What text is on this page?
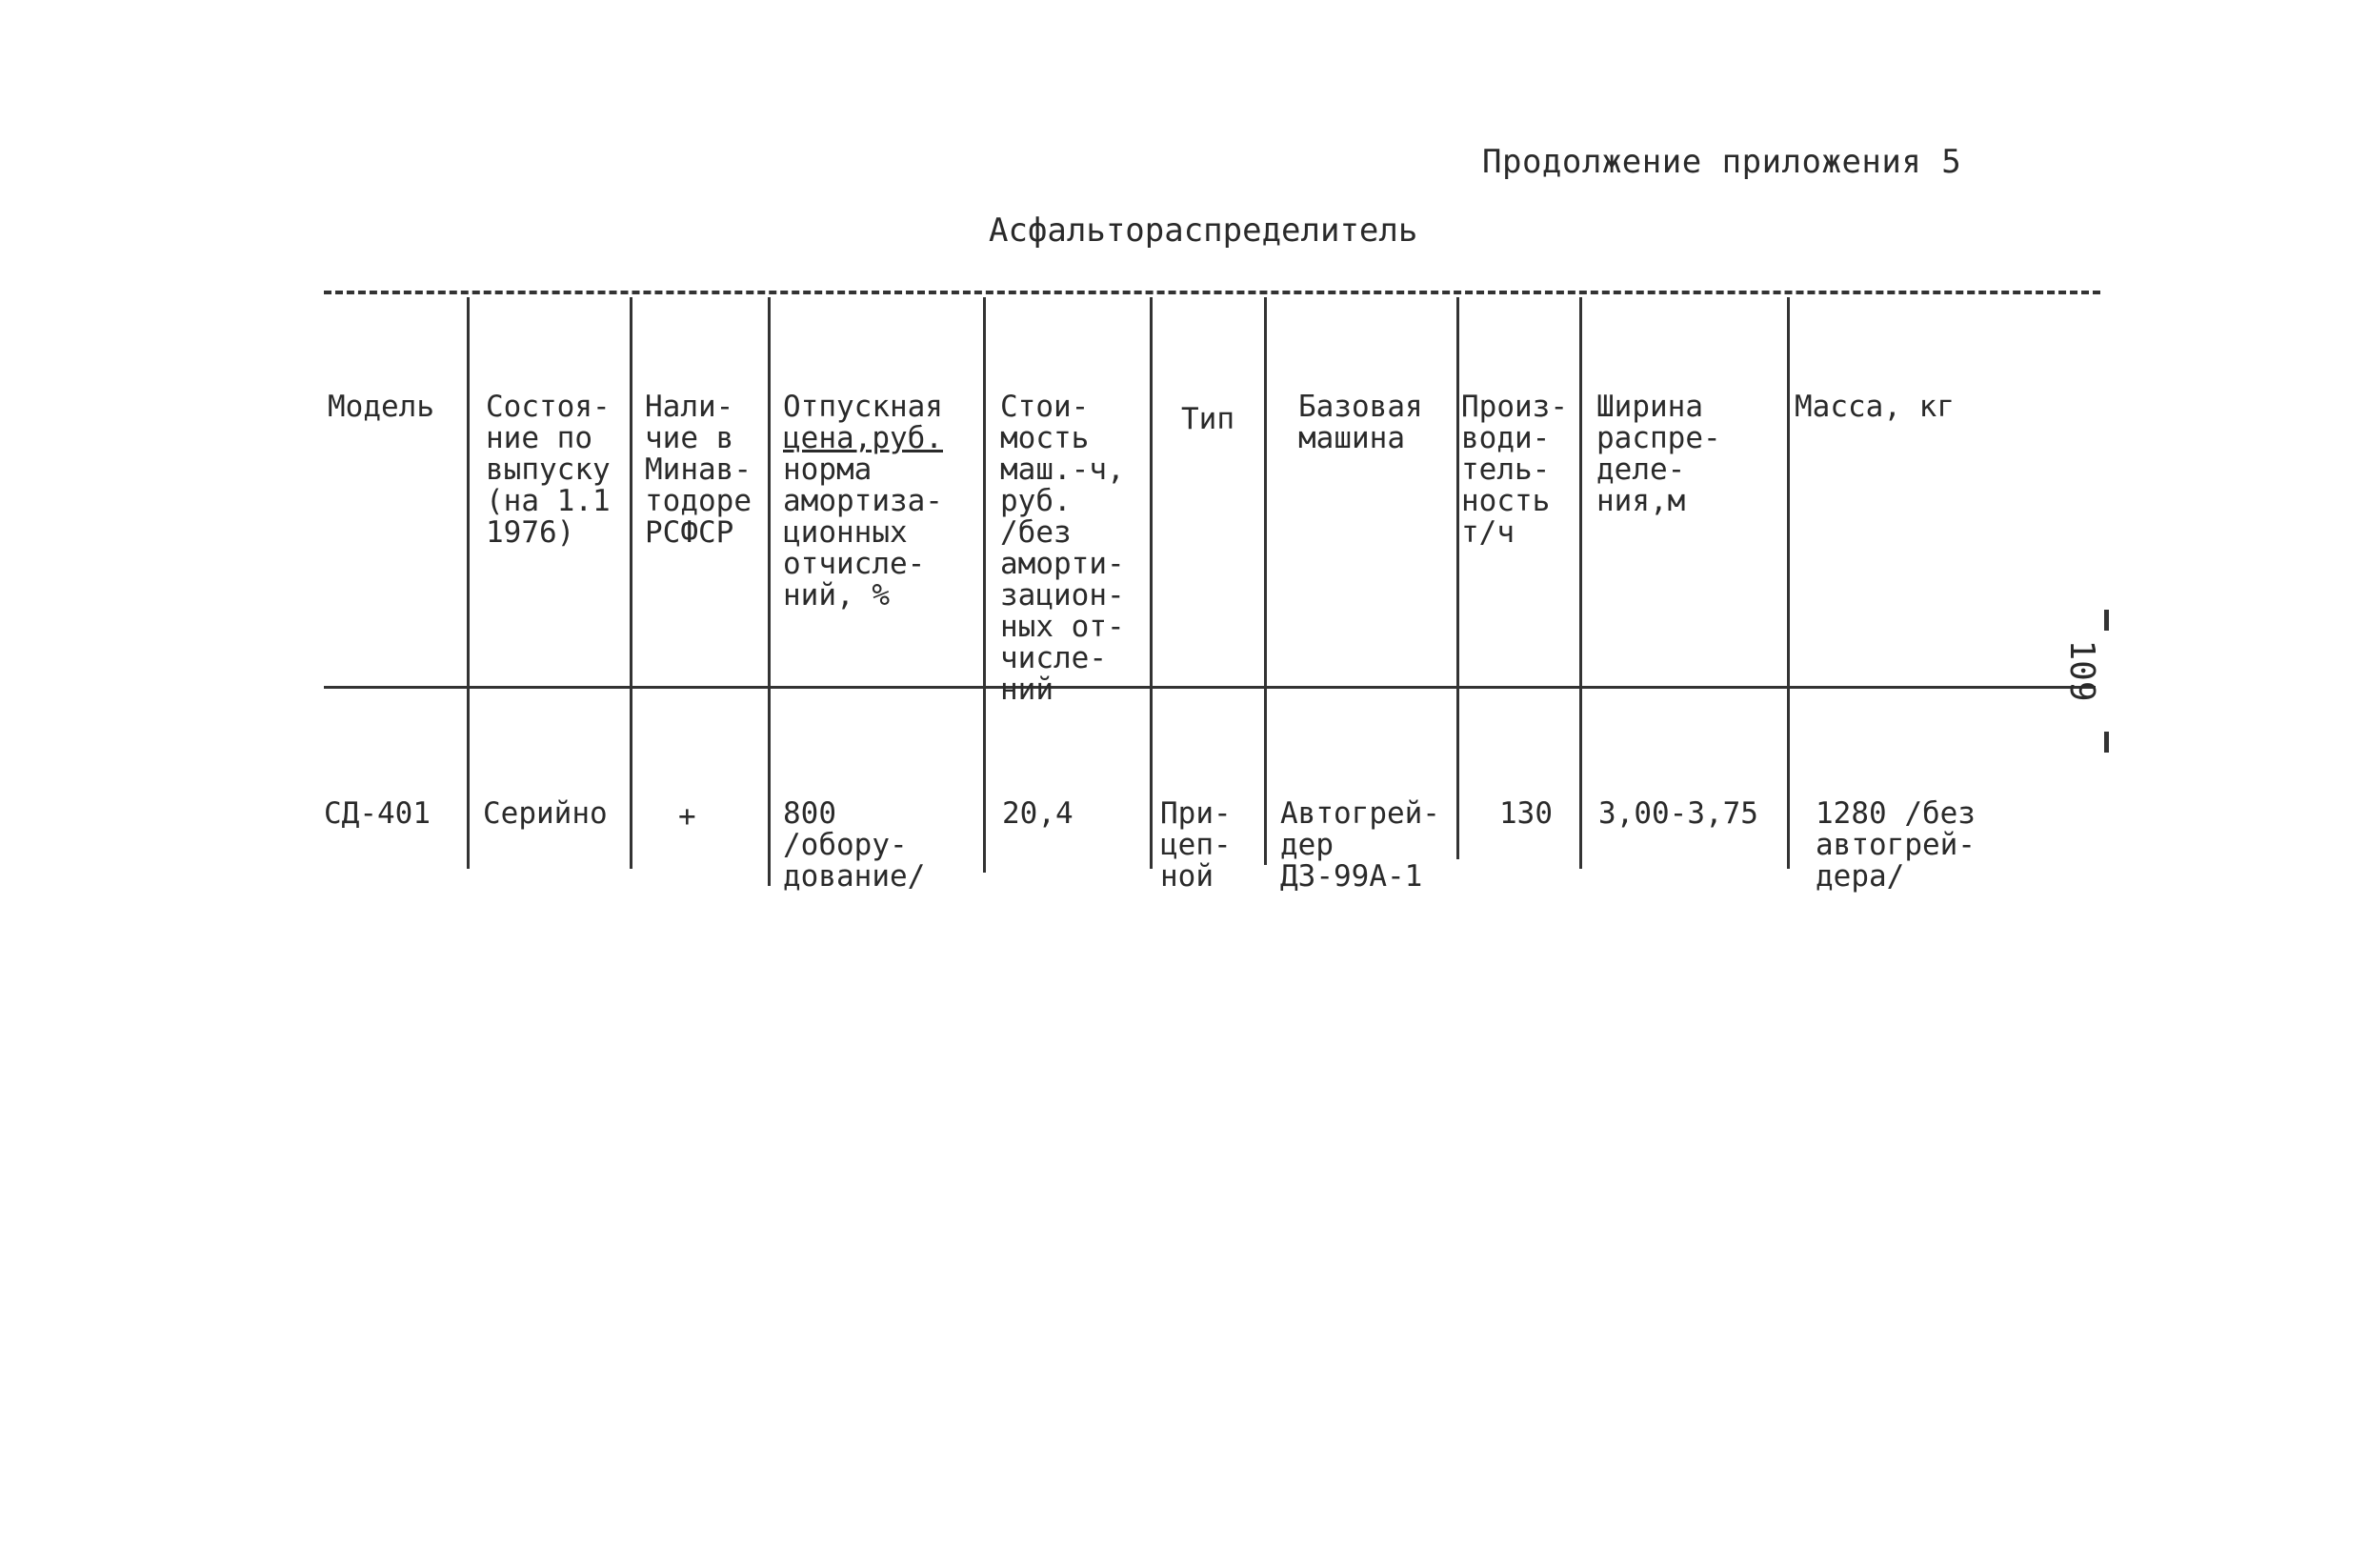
Продолжение приложения 5
Асфальтораспределитель

Модель

Состоя-
ние по
выпуску
(на 1.1
1976)

Нали-
чие в
Минав-
тодоре
РСФСР

Отпускная
цена,руб.
норма
амортиза-
ционных
отчисле-
ний, %

Стои-
мость
маш.-ч,
руб.
/без
аморти-
зацион-
ных от-
числе-
ний

Тип

Базовая
машина

Произ-
води-
тель-
ность
т/ч

Ширина
распре-
деле-
ния,м

Масса, кг

СД-401

Серийно

+

	800
/обору-
дование/

20,4

	При-
цеп-
ной

Автогрей-
дер
ДЗ-99А-1

130

3,00-3,75

1280 /без
автогрей-
дера/

109
